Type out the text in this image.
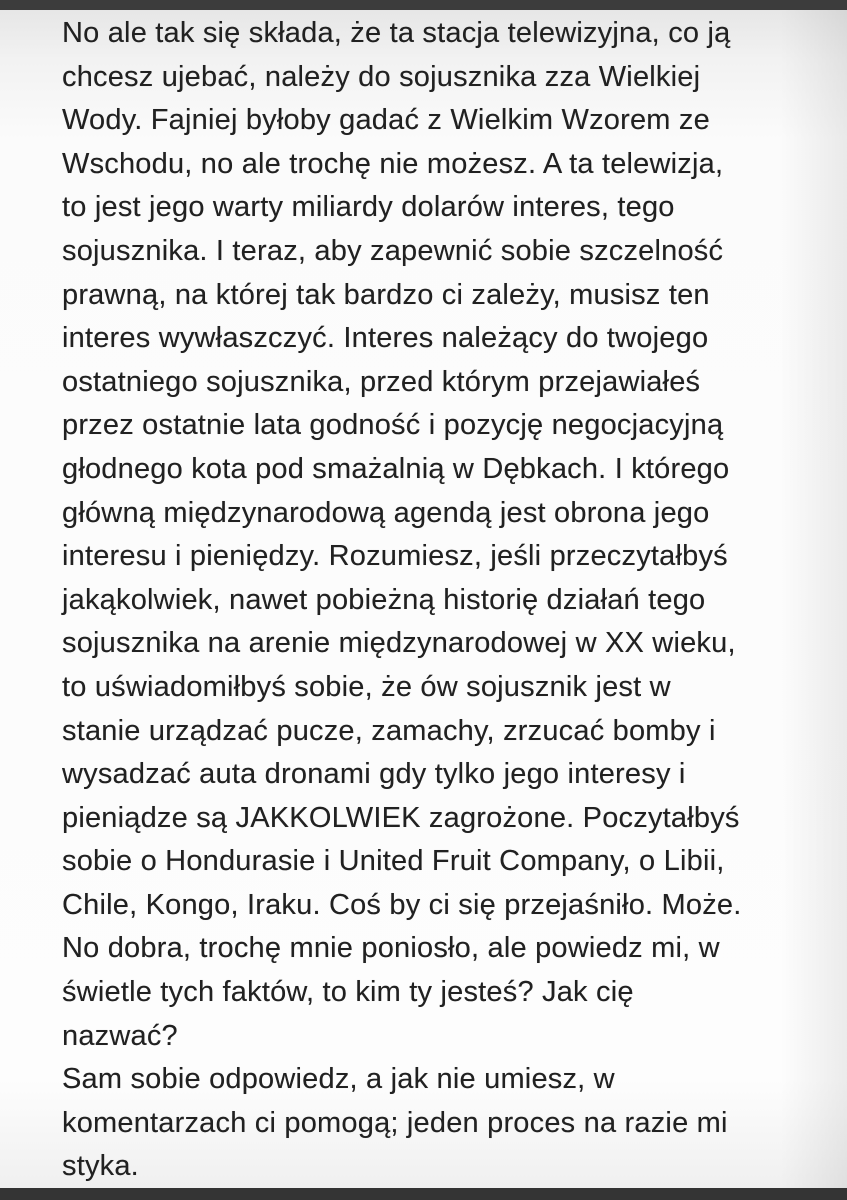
No ale tak się składa, że ta stacja telewizyjna, co ją
chcesz ujebać, należy do sojusznika zza Wielkiej
Wody. Fajniej byłoby gadać z Wielkim Wzorem ze
Wschodu, no ale trochę nie możesz. A ta telewizja,
to jest jego warty miliardy dolarów interes, tego
sojusznika. I teraz, aby zapewnić sobie szczelność
prawną, na której tak bardzo ci zależy, musisz ten
interes wywłaszczyć. Interes należący do twojego
ostatniego sojusznika, przed którym przejawiałeś
przez ostatnie lata godność i pozycję negocjacyjną
głodnego kota pod smażalnią w Dębkach. I którego
główną międzynarodową agendą jest obrona jego
interesu i pieniędzy. Rozumiesz, jeśli przeczytałbyś
jakąkolwiek, nawet pobieżną historię działań tego
sojusznika na arenie międzynarodowej w XX wieku,
to uświadomiłbyś sobie, że ów sojusznik jest w
stanie urządzać pucze, zamachy, zrzucać bomby i
wysadzać auta dronami gdy tylko jego interesy i
pieniądze są JAKKOLWIEK zagrożone. Poczytałbyś
sobie o Hondurasie i United Fruit Company, o Libii,
Chile, Kongo, Iraku. Coś by ci się przejaśniło. Może.
No dobra, trochę mnie poniosło, ale powiedz mi, w
świetle tych faktów, to kim ty jesteś? Jak cię
nazwać?
Sam sobie odpowiedz, a jak nie umiesz, w
komentarzach ci pomogą; jeden proces na razie mi
styka.
